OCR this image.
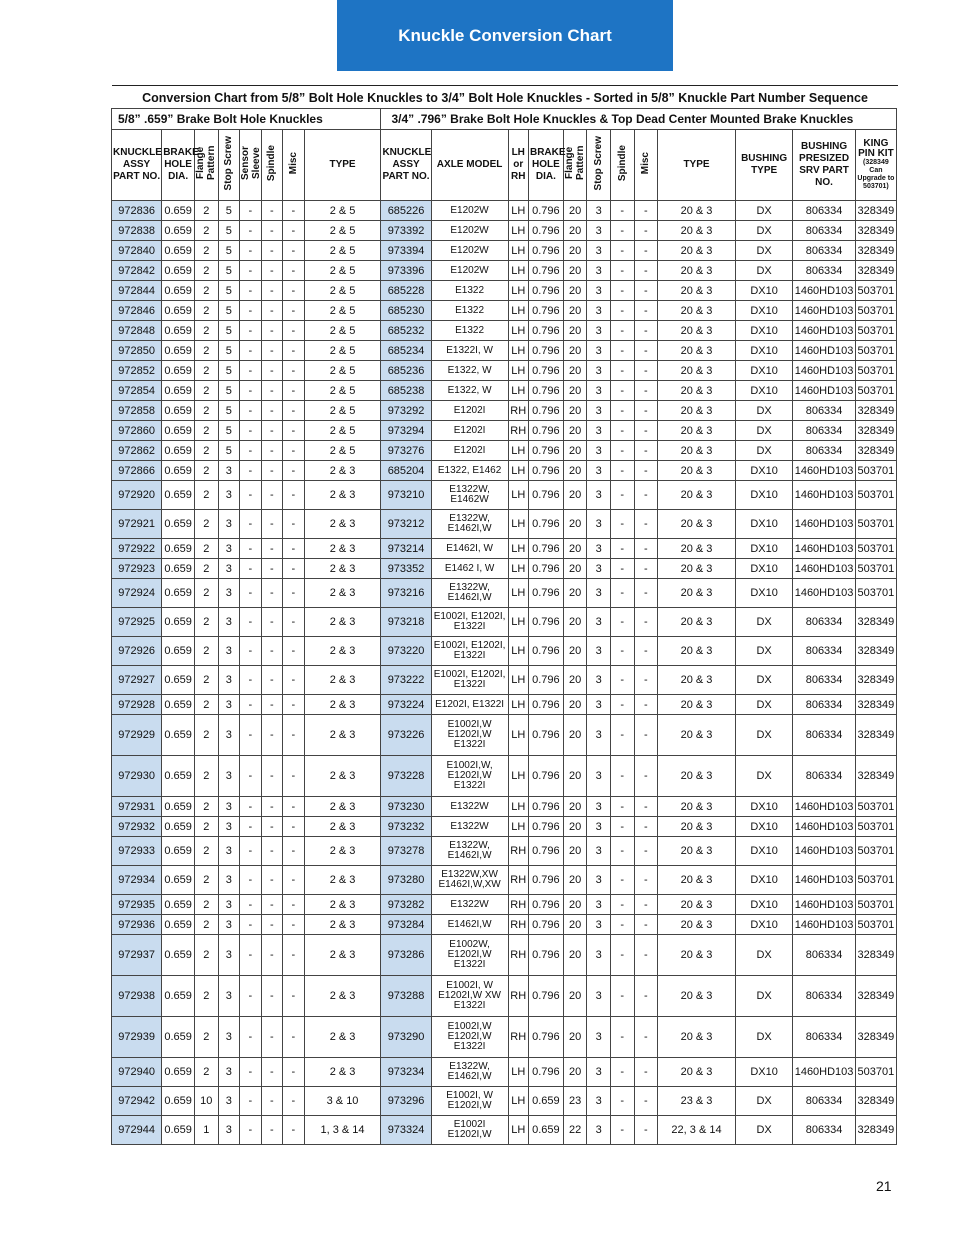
Knuckle Conversion Chart
Conversion Chart from 5/8” Bolt Hole Knuckles to 3/4” Bolt Hole Knuckles - Sorted in 5/8” Knuckle Part Number Sequence
5/8” .659” Brake Bolt Hole Knuckles								3/4” .796” Brake Bolt Hole Knuckles & Top Dead Center Mounted Brake Knuckles											
KNUCKLE ASSY PART NO.	BRAKE HOLE DIA.	Flange Pattern	Stop Screw	Sensor Sleeve	Spindle	Misc	TYPE	KNUCKLE ASSY PART NO.	AXLE MODEL	LH or RH	BRAKE HOLE DIA.	Flange Pattern	Stop Screw	Spindle	Misc	TYPE	BUSHING TYPE	BUSHING PRESIZED SRV PART NO.	KING PIN KIT
(328349 Can Upgrade to 503701)

972836	0.659	2	5	-	-	-	2 & 5	685226	E1202W	LH	0.796	20	3	-	-	20 & 3	DX	806334	328349
972838	0.659	2	5	-	-	-	2 & 5	973392	E1202W	LH	0.796	20	3	-	-	20 & 3	DX	806334	328349
972840	0.659	2	5	-	-	-	2 & 5	973394	E1202W	LH	0.796	20	3	-	-	20 & 3	DX	806334	328349
972842	0.659	2	5	-	-	-	2 & 5	973396	E1202W	LH	0.796	20	3	-	-	20 & 3	DX	806334	328349
972844	0.659	2	5	-	-	-	2 & 5	685228	E1322	LH	0.796	20	3	-	-	20 & 3	DX10	1460HD103	503701
972846	0.659	2	5	-	-	-	2 & 5	685230	E1322	LH	0.796	20	3	-	-	20 & 3	DX10	1460HD103	503701
972848	0.659	2	5	-	-	-	2 & 5	685232	E1322	LH	0.796	20	3	-	-	20 & 3	DX10	1460HD103	503701
972850	0.659	2	5	-	-	-	2 & 5	685234	E1322I, W	LH	0.796	20	3	-	-	20 & 3	DX10	1460HD103	503701
972852	0.659	2	5	-	-	-	2 & 5	685236	E1322, W	LH	0.796	20	3	-	-	20 & 3	DX10	1460HD103	503701
972854	0.659	2	5	-	-	-	2 & 5	685238	E1322, W	LH	0.796	20	3	-	-	20 & 3	DX10	1460HD103	503701
972858	0.659	2	5	-	-	-	2 & 5	973292	E1202I	RH	0.796	20	3	-	-	20 & 3	DX	806334	328349
972860	0.659	2	5	-	-	-	2 & 5	973294	E1202I	RH	0.796	20	3	-	-	20 & 3	DX	806334	328349
972862	0.659	2	5	-	-	-	2 & 5	973276	E1202I	LH	0.796	20	3	-	-	20 & 3	DX	806334	328349
972866	0.659	2	3	-	-	-	2 & 3	685204	E1322, E1462	LH	0.796	20	3	-	-	20 & 3	DX10	1460HD103	503701
972920	0.659	2	3	-	-	-	2 & 3	973210	E1322W,
E1462W	LH	0.796	20	3	-	-	20 & 3	DX10	1460HD103	503701
972921	0.659	2	3	-	-	-	2 & 3	973212	E1322W,
E1462I,W	LH	0.796	20	3	-	-	20 & 3	DX10	1460HD103	503701
972922	0.659	2	3	-	-	-	2 & 3	973214	E1462I, W	LH	0.796	20	3	-	-	20 & 3	DX10	1460HD103	503701
972923	0.659	2	3	-	-	-	2 & 3	973352	E1462 I, W	LH	0.796	20	3	-	-	20 & 3	DX10	1460HD103	503701
972924	0.659	2	3	-	-	-	2 & 3	973216	E1322W,
E1462I,W	LH	0.796	20	3	-	-	20 & 3	DX10	1460HD103	503701
972925	0.659	2	3	-	-	-	2 & 3	973218	E1002I, E1202I,
E1322I	LH	0.796	20	3	-	-	20 & 3	DX	806334	328349
972926	0.659	2	3	-	-	-	2 & 3	973220	E1002I, E1202I,
E1322I	LH	0.796	20	3	-	-	20 & 3	DX	806334	328349
972927	0.659	2	3	-	-	-	2 & 3	973222	E1002I, E1202I,
E1322I	LH	0.796	20	3	-	-	20 & 3	DX	806334	328349
972928	0.659	2	3	-	-	-	2 & 3	973224	E1202I, E1322I	LH	0.796	20	3	-	-	20 & 3	DX	806334	328349
972929	0.659	2	3	-	-	-	2 & 3	973226	E1002I,W
E1202I,W
E1322I	LH	0.796	20	3	-	-	20 & 3	DX	806334	328349
972930	0.659	2	3	-	-	-	2 & 3	973228	E1002I,W,
E1202I,W
E1322I	LH	0.796	20	3	-	-	20 & 3	DX	806334	328349
972931	0.659	2	3	-	-	-	2 & 3	973230	E1322W	LH	0.796	20	3	-	-	20 & 3	DX10	1460HD103	503701
972932	0.659	2	3	-	-	-	2 & 3	973232	E1322W	LH	0.796	20	3	-	-	20 & 3	DX10	1460HD103	503701
972933	0.659	2	3	-	-	-	2 & 3	973278	E1322W,
E1462I,W	RH	0.796	20	3	-	-	20 & 3	DX10	1460HD103	503701
972934	0.659	2	3	-	-	-	2 & 3	973280	E1322W,XW
E1462I,W,XW	RH	0.796	20	3	-	-	20 & 3	DX10	1460HD103	503701
972935	0.659	2	3	-	-	-	2 & 3	973282	E1322W	RH	0.796	20	3	-	-	20 & 3	DX10	1460HD103	503701
972936	0.659	2	3	-	-	-	2 & 3	973284	E1462I,W	RH	0.796	20	3	-	-	20 & 3	DX10	1460HD103	503701
972937	0.659	2	3	-	-	-	2 & 3	973286	E1002W,
E1202I,W
E1322I	RH	0.796	20	3	-	-	20 & 3	DX	806334	328349
972938	0.659	2	3	-	-	-	2 & 3	973288	E1002I, W
E1202I,W XW
E1322I	RH	0.796	20	3	-	-	20 & 3	DX	806334	328349
972939	0.659	2	3	-	-	-	2 & 3	973290	E1002I,W
E1202I,W
E1322I	RH	0.796	20	3	-	-	20 & 3	DX	806334	328349
972940	0.659	2	3	-	-	-	2 & 3	973234	E1322W,
E1462I,W	LH	0.796	20	3	-	-	20 & 3	DX10	1460HD103	503701
972942	0.659	10	3	-	-	-	3 & 10	973296	E1002I, W
E1202I,W	LH	0.659	23	3	-	-	23 & 3	DX	806334	328349
972944	0.659	1	3	-	-	-	1, 3 & 14	973324	E1002I
E1202I,W	LH	0.659	22	3	-	-	22, 3 & 14	DX	806334	328349
21
